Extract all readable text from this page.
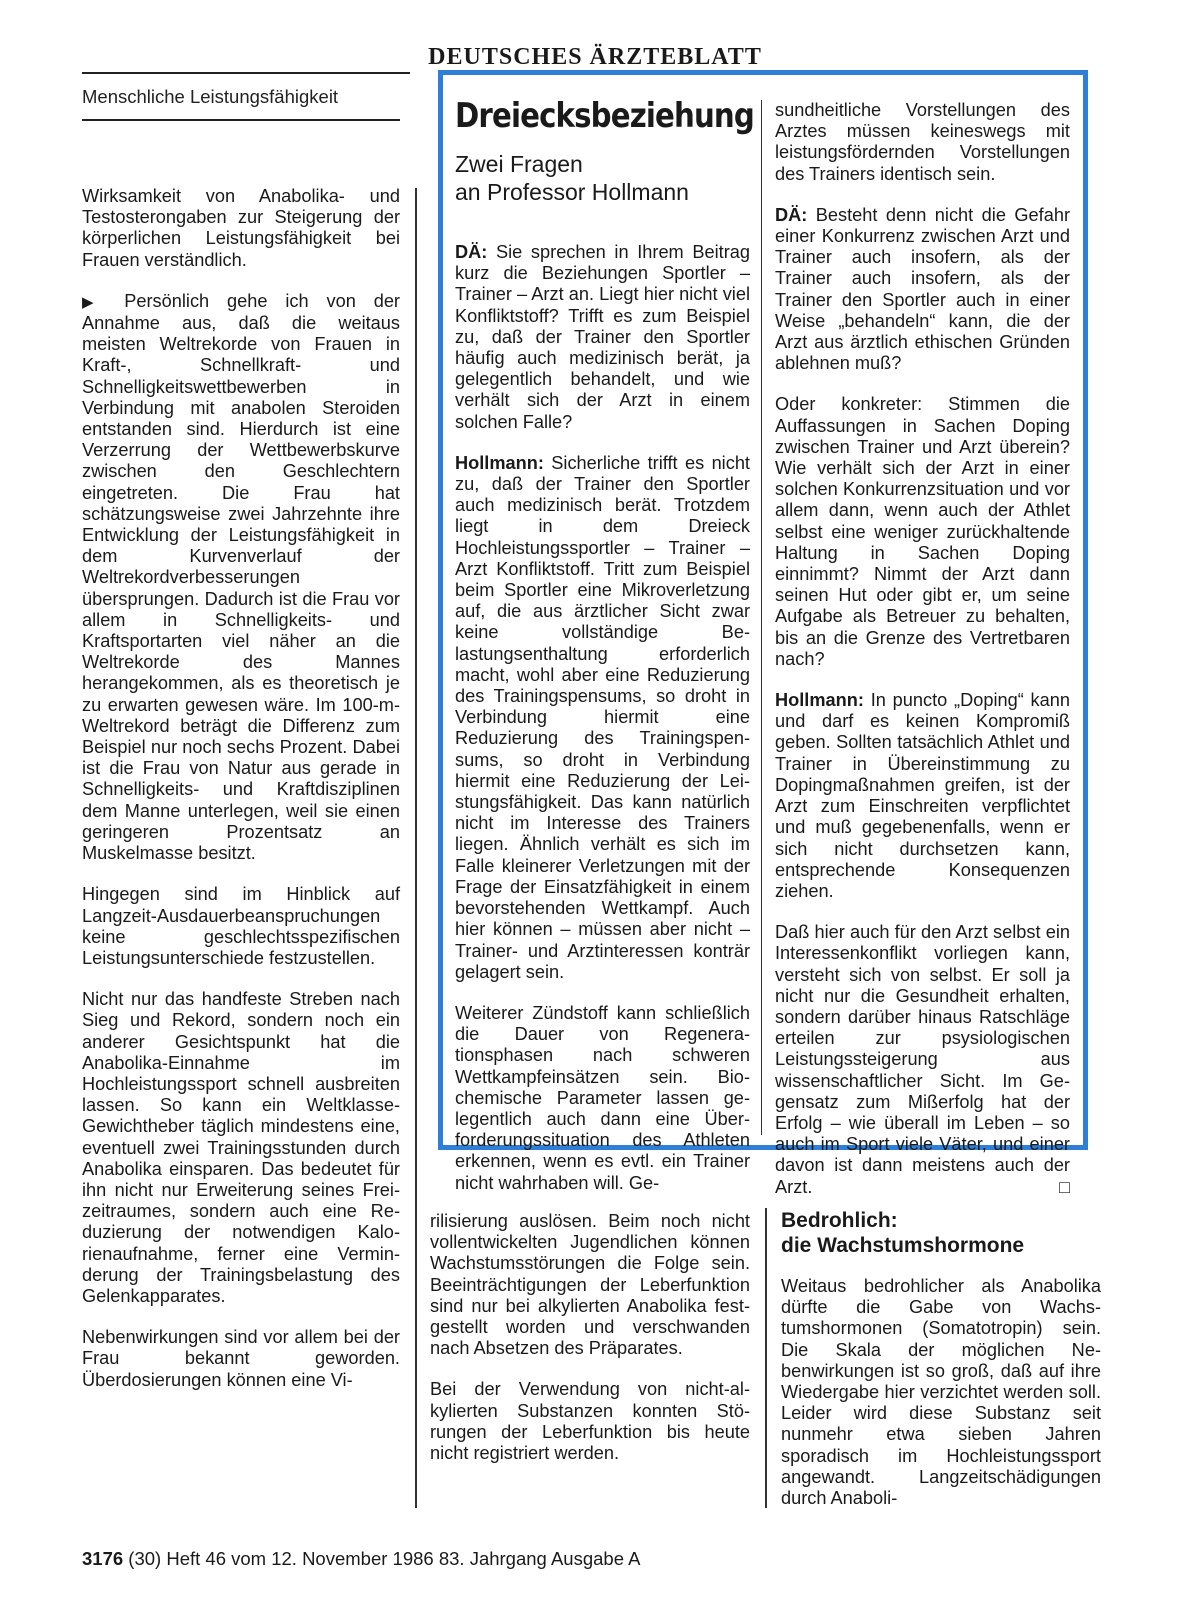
DEUTSCHES ÄRZTEBLATT
Menschliche Leistungsfähigkeit

Wirksamkeit von Anabolika- und Testosterongaben zur Steigerung der körperlichen Leistungsfähigkeit bei Frauen verständlich.

▶ Persönlich gehe ich von der Annahme aus, daß die weitaus meisten Weltrekorde von Frauen in Kraft-, Schnellkraft- und Schnelligkeitswettbewerben in Verbindung mit anabolen Steroiden entstanden sind. Hierdurch ist eine Verzerrung der Wettbewerbskurve zwischen den Geschlechtern eingetreten. Die Frau hat schätzungsweise zwei Jahrzehnte ihre Entwicklung der Leistungsfähigkeit in dem Kurvenverlauf der Weltrekordverbesserungen übersprungen. Dadurch ist die Frau vor allem in Schnelligkeits- und Kraftsportarten viel näher an die Weltrekorde des Mannes herangekommen, als es theoretisch je zu erwarten gewesen wäre. Im 100-m-Weltrekord beträgt die Differenz zum Beispiel nur noch sechs Prozent. Dabei ist die Frau von Natur aus gerade in Schnelligkeits- und Kraftdisziplinen dem Manne unterlegen, weil sie einen geringeren Prozentsatz an Muskelmasse besitzt.

Hingegen sind im Hinblick auf Langzeit-Ausdauerbeanspruchungen keine geschlechtsspezifischen Leistungsunterschiede festzustellen.

Nicht nur das handfeste Streben nach Sieg und Rekord, sondern noch ein anderer Gesichtspunkt hat die Anabolika-Einnahme im Hochleistungssport schnell ausbreiten lassen. So kann ein Weltklasse-Gewichtheber täglich mindestens eine, eventuell zwei Trainingsstunden durch Anabolika einsparen. Das bedeutet für ihn nicht nur Erweiterung seines Freizeitraumes, sondern auch eine Reduzierung der notwendigen Kalorienaufnahme, ferner eine Verminderung der Trainingsbelastung des Gelenkapparates.

Nebenwirkungen sind vor allem bei der Frau bekannt geworden. Überdosierungen können eine Vi-

Dreiecksbeziehung
Zwei Fragen
an Professor Hollmann

DÄ: Sie sprechen in Ihrem Beitrag kurz die Beziehungen Sportler – Trainer – Arzt an. Liegt hier nicht viel Konfliktstoff? Trifft es zum Beispiel zu, daß der Trainer den Sportler häufig auch medizinisch berät, ja gelegentlich behandelt, und wie verhält sich der Arzt in einem solchen Falle?

Hollmann: Sicherliche trifft es nicht zu, daß der Trainer den Sportler auch medizinisch berät. Trotzdem liegt in dem Dreieck Hochleistungssportler – Trainer – Arzt Konfliktstoff. Tritt zum Beispiel beim Sportler eine Mikroverletzung auf, die aus ärztlicher Sicht zwar keine vollständige Belastungsenthaltung erforderlich macht, wohl aber eine Reduzierung des Trainingspensums, so droht in Verbindung hiermit eine Reduzierung des Trainingspensums, so droht in Verbindung hiermit eine Reduzierung der Leistungsfähigkeit. Das kann natürlich nicht im Interesse des Trainers liegen. Ähnlich verhält es sich im Falle kleinerer Verletzungen mit der Frage der Einsatzfähigkeit in einem bevorstehenden Wettkampf. Auch hier können – müssen aber nicht – Trainer- und Arztinteressen konträr gelagert sein.

Weiterer Zündstoff kann schließlich die Dauer von Regenerationsphasen nach schweren Wettkampfeinsätzen sein. Biochemische Parameter lassen gelegentlich auch dann eine Überforderungssituation des Athleten erkennen, wenn es evtl. ein Trainer nicht wahrhaben will. Ge-

sundheitliche Vorstellungen des Arztes müssen keineswegs mit leistungsfördernden Vorstellungen des Trainers identisch sein.

DÄ: Besteht denn nicht die Gefahr einer Konkurrenz zwischen Arzt und Trainer auch insofern, als der Trainer auch insofern, als der Trainer den Sportler auch in einer Weise „behandeln“ kann, die der Arzt aus ärztlich ethischen Gründen ablehnen muß?

Oder konkreter: Stimmen die Auffassungen in Sachen Doping zwischen Trainer und Arzt überein? Wie verhält sich der Arzt in einer solchen Konkurrenzsituation und vor allem dann, wenn auch der Athlet selbst eine weniger zurückhaltende Haltung in Sachen Doping einnimmt? Nimmt der Arzt dann seinen Hut oder gibt er, um seine Aufgabe als Betreuer zu behalten, bis an die Grenze des Vertretbaren nach?

Hollmann: In puncto „Doping“ kann und darf es keinen Kompromiß geben. Sollten tatsächlich Athlet und Trainer in Übereinstimmung zu Dopingmaßnahmen greifen, ist der Arzt zum Einschreiten verpflichtet und muß gegebenenfalls, wenn er sich nicht durchsetzen kann, entsprechende Konsequenzen ziehen.

Daß hier auch für den Arzt selbst ein Interessenkonflikt vorliegen kann, versteht sich von selbst. Er soll ja nicht nur die Gesundheit erhalten, sondern darüber hinaus Ratschläge erteilen zur psysiologischen Leistungssteigerung aus wissenschaftlicher Sicht. Im Gegensatz zum Mißerfolg hat der Erfolg – wie überall im Leben – so auch im Sport viele Väter, und einer davon ist dann meistens auch der Arzt.	□

rilisierung auslösen. Beim noch nicht vollentwickelten Jugendlichen können Wachstumsstörungen die Folge sein. Beeinträchtigungen der Leberfunktion sind nur bei alkylierten Anabolika festgestellt worden und verschwanden nach Absetzen des Präparates.

Bei der Verwendung von nicht-alkylierten Substanzen konnten Störungen der Leberfunktion bis heute nicht registriert werden.

Bedrohlich:
die Wachstumshormone

Weitaus bedrohlicher als Anabolika dürfte die Gabe von Wachstumshormonen (Somatotropin) sein. Die Skala der möglichen Nebenwirkungen ist so groß, daß auf ihre Wiedergabe hier verzichtet werden soll. Leider wird diese Substanz seit nunmehr etwa sieben Jahren sporadisch im Hochleistungssport angewandt. Langzeitschädigungen durch Anaboli-

3176 (30) Heft 46 vom 12. November 1986 83. Jahrgang Ausgabe A
